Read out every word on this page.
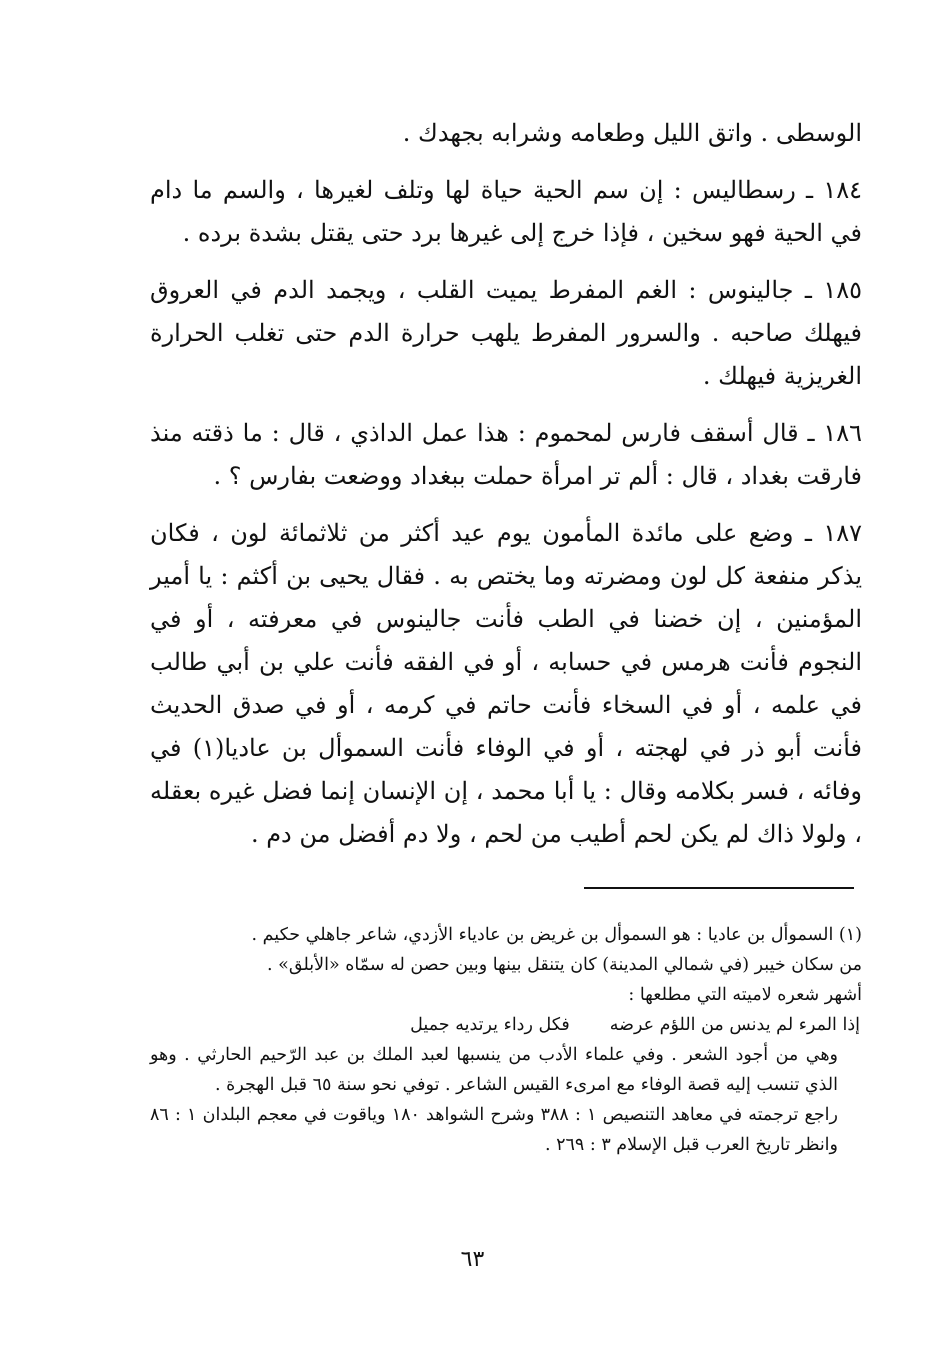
الوسطى . واتق الليل وطعامه وشرابه بجهدك .

١٨٤ ـ رسطاليس : إن سم الحية حياة لها وتلف لغيرها ، والسم ما دام في الحية فهو سخين ، فإذا خرج إلى غيرها برد حتى يقتل بشدة برده .

١٨٥ ـ جالينوس : الغم المفرط يميت القلب ، ويجمد الدم في العروق فيهلك صاحبه . والسرور المفرط يلهب حرارة الدم حتى تغلب الحرارة الغريزية فيهلك .

١٨٦ ـ قال أسقف فارس لمحموم : هذا عمل الداذي ، قال : ما ذقته منذ فارقت بغداد ، قال : ألم تر امرأة حملت ببغداد ووضعت بفارس ؟ .

١٨٧ ـ وضع على مائدة المأمون يوم عيد أكثر من ثلاثمائة لون ، فكان يذكر منفعة كل لون ومضرته وما يختص به . فقال يحيى بن أكثم : يا أمير المؤمنين ، إن خضنا في الطب فأنت جالينوس في معرفته ، أو في النجوم فأنت هرمس في حسابه ، أو في الفقه فأنت علي بن أبي طالب في علمه ، أو في السخاء فأنت حاتم في كرمه ، أو في صدق الحديث فأنت أبو ذر في لهجته ، أو في الوفاء فأنت السموأل بن عاديا(١) في وفائه ، فسر بكلامه وقال : يا أبا محمد ، إن الإنسان إنما فضل غيره بعقله ، ولولا ذاك لم يكن لحم أطيب من لحم ، ولا دم أفضل من دم .

(١) السموأل بن عاديا : هو السموأل بن غريض بن عادياء الأزدي، شاعر جاهلي حكيم .

من سكان خيبر (في شمالي المدينة) كان يتنقل بينها وبين حصن له سمّاه «الأبلق» .

أشهر شعره لاميته التي مطلعها :

إذا المرء لم يدنس من اللؤم عرضه
فكل رداء يرتديه جميل

وهي من أجود الشعر . وفي علماء الأدب من ينسبها لعبد الملك بن عبد الرّحيم الحارثي . وهو الذي تنسب إليه قصة الوفاء مع امرىء القيس الشاعر . توفي نحو سنة ٦٥ قبل الهجرة .

راجع ترجمته في معاهد التنصيص ١ : ٣٨٨ وشرح الشواهد ١٨٠ وياقوت في معجم البلدان ١ : ٨٦ وانظر تاريخ العرب قبل الإسلام ٣ : ٢٦٩ .

٦٣
